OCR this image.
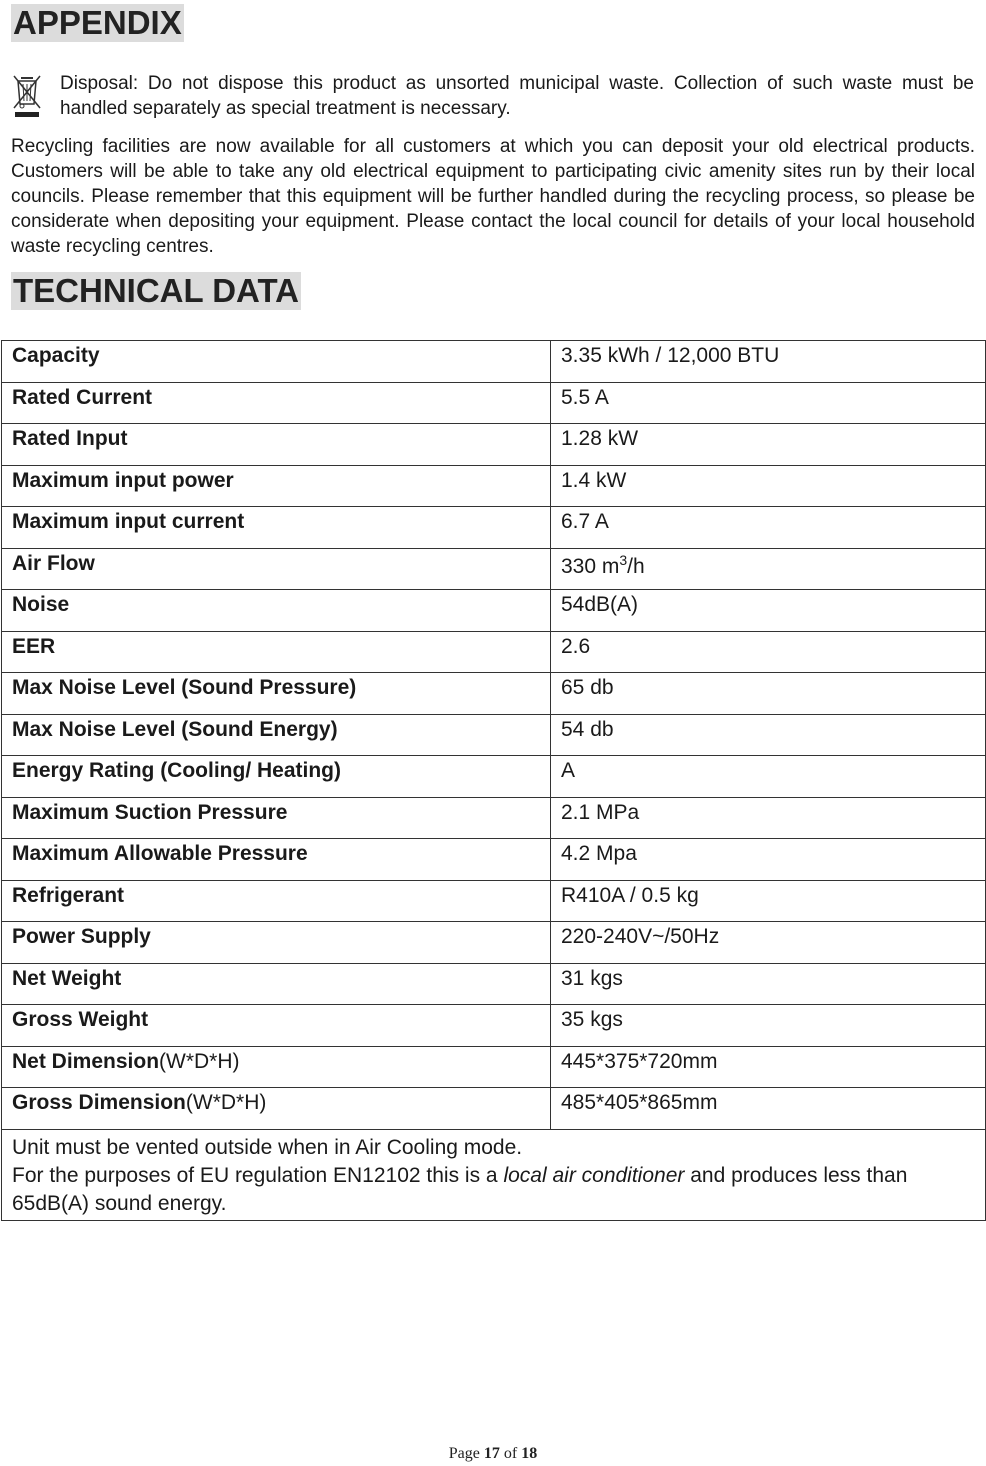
APPENDIX
Disposal: Do not dispose this product as unsorted municipal waste. Collection of such waste must be handled separately as special treatment is necessary.
Recycling facilities are now available for all customers at which you can deposit your old electrical products. Customers will be able to take any old electrical equipment to participating civic amenity sites run by their local councils. Please remember that this equipment will be further handled during the recycling process, so please be considerate when depositing your equipment. Please contact the local council for details of your local household waste recycling centres.
TECHNICAL DATA
Capacity	3.35 kWh / 12,000 BTU
Rated Current	5.5 A
Rated Input	1.28 kW
Maximum input power	1.4 kW
Maximum input current	6.7 A
Air Flow	330 $m^3/h$
Noise	54dB(A)
EER	2.6
Max Noise Level (Sound Pressure)	65 db
Max Noise Level (Sound Energy)	54 db
Energy Rating (Cooling/ Heating)	A
Maximum Suction Pressure	2.1 MPa
Maximum Allowable Pressure	4.2 Mpa
Refrigerant	R410A / 0.5 kg
Power Supply	220-240V~/50Hz
Net Weight	31 kgs
Gross Weight	35 kgs
Net Dimension(W*D*H)	445*375*720mm
Gross Dimension(W*D*H)	485*405*865mm

Unit must be vented outside when in Air Cooling mode.
For the purposes of EU regulation EN12102 this is a local air conditioner and produces less than 65dB(A) sound energy.	
Page 17 of 18
